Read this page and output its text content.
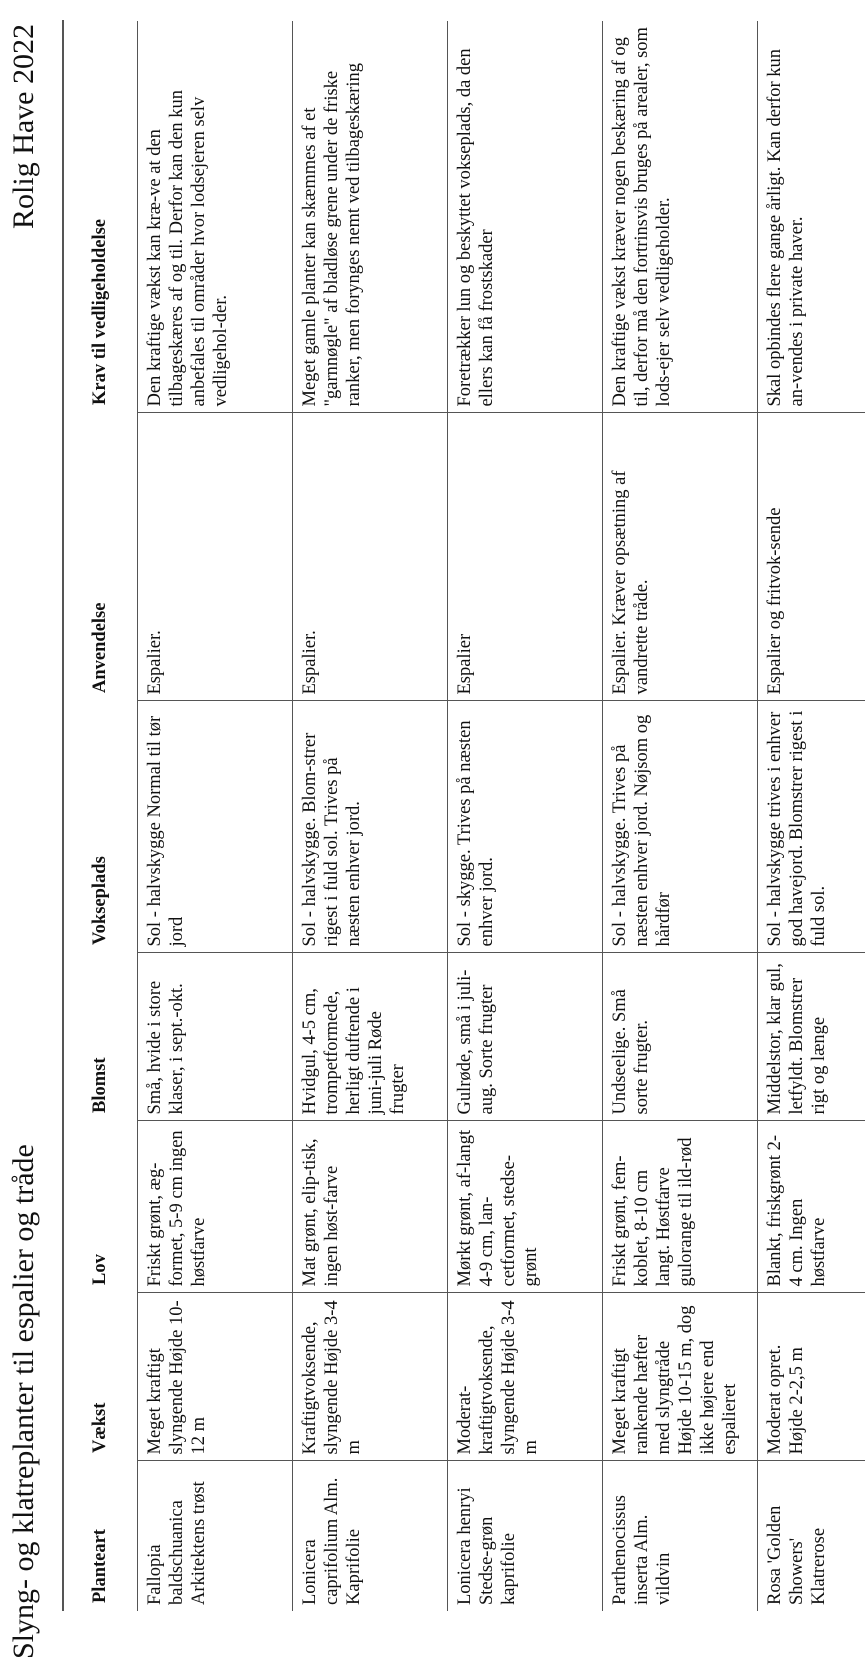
Slyng- og klatreplanter til espalier og tråde
Rolig Have 2022
Planteart	Vækst	Lov	Blomst	Vokseplads	Anvendelse	Krav til vedligeholdelse
Fallopia baldschuanica Arkitektens trøst	Meget kraftigt slyngende Højde 10-12 m	Friskt grønt, æg-formet, 5-9 cm ingen høstfarve	Små, hvide i store klaser, i sept.-okt.	Sol - halvskygge Normal til tør jord	Espalier.	Den kraftige vækst kan kræ-ve at den tilbageskæres af og til. Derfor kan den kun anbefales til områder hvor lodsejeren selv vedligehol-der.
Lonicera caprifolium Alm. Kaprifolie	Kraftigtvoksende, slyngende Højde 3-4 m	Mat grønt, elip-tisk, ingen høst-farve	Hvidgul, 4-5 cm, trompetformede, herligt duftende i juni-juli Røde frugter	Sol - halvskygge. Blom-strer rigest i fuld sol. Trives på næsten enhver jord.	Espalier.	Meget gamle planter kan skæmmes af et "garnnøgle" af bladløse grene under de friske ranker, men forynges nemt ved tilbageskæring
Lonicera henryi Stedse-grøn kaprifolie	Moderat-kraftigtvoksende, slyngende Højde 3-4 m	Mørkt grønt, af-langt 4-9 cm, lan-cetformet, stedse-grønt	Gulrøde, små i juli-aug. Sorte frugter	Sol - skygge. Trives på næsten enhver jord.	Espalier	Foretrækker lun og beskyttet vokseplads, da den ellers kan få frostskader
Parthenocissus inserta Alm. vildvin	Meget kraftigt rankende hæfter med slyngtråde Højde 10-15 m, dog ikke højere end espalieret	Friskt grønt, fem-koblet, 8-10 cm langt. Høstfarve gulorange til ild-rød	Undseelige. Små sorte frugter.	Sol - halvskygge. Trives på næsten enhver jord. Nøjsom og hårdfør	Espalier. Kræver opsætning af vandrette tråde.	Den kraftige vækst kræver nogen beskæring af og til, derfor må den fortrinsvis bruges på arealer, som lods-ejer selv vedligeholder.
Rosa 'Golden Showers' Klatrerose	Moderat opret. Højde 2-2,5 m	Blankt, friskgrønt 2-4 cm. Ingen høstfarve	Middelstor, klar gul, letfyldt. Blomstrer rigt og længe	Sol - halvskygge trives i enhver god havejord. Blomstrer rigest i fuld sol.	Espalier og fritvok-sende	Skal opbindes flere gange årligt. Kan derfor kun an-vendes i private haver.
